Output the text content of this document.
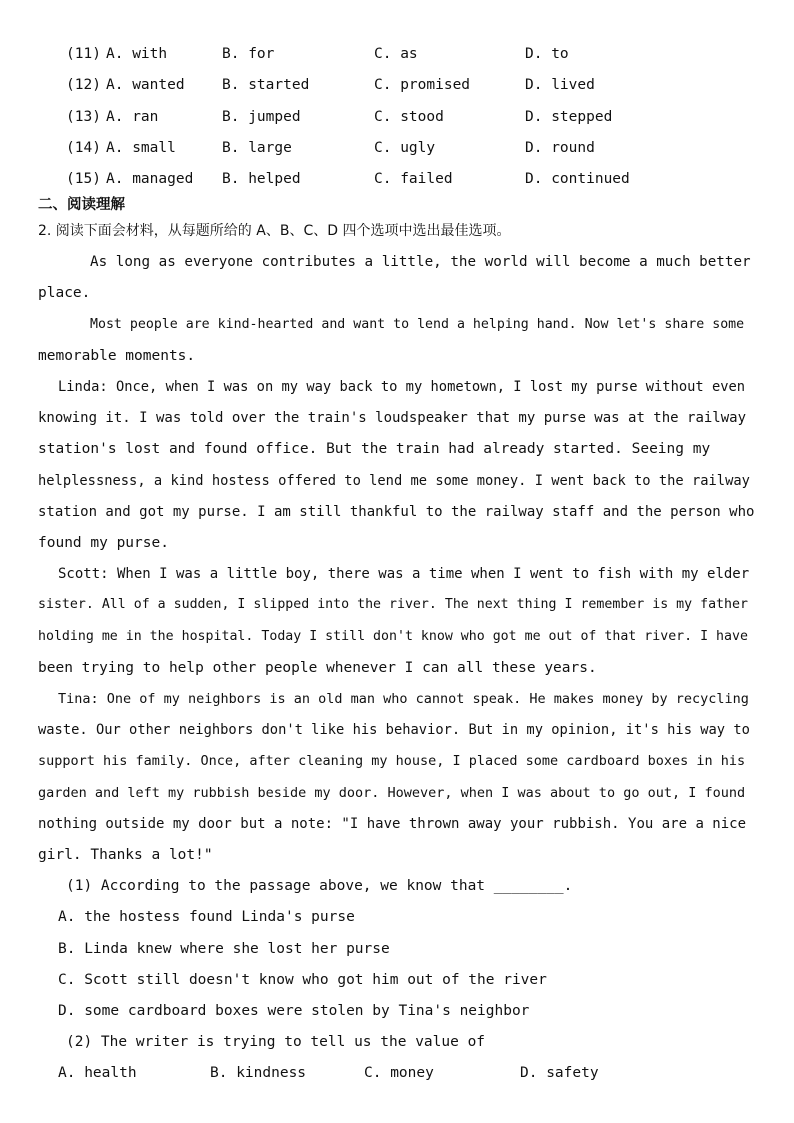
(11) A. with	B. for	C. as	D. to
(12) A. wanted	B. started	C. promised	D. lived
(13) A. ran	B. jumped	C. stood	D. stepped
(14) A. small	B. large	C. ugly	D. round
(15) A. managed B. helped	C. failed	D. continued
二、阅读理解
2. 阅读下面会材料，从每题所给的 A、B、C、D 四个选项中选出最佳选项。
As long as everyone contributes a little, the world will become a much better
place.
Most people are kind-hearted and want to lend a helping hand. Now let's share some
memorable moments.
Linda: Once, when I was on my way back to my hometown, I lost my purse without even
knowing it. I was told over the train's loudspeaker that my purse was at the railway
station's lost and found office. But the train had already started. Seeing my
helplessness, a kind hostess offered to lend me some money. I went back to the railway
station and got my purse. I am still thankful to the railway staff and the person who
found my purse.
Scott: When I was a little boy, there was a time when I went to fish with my elder
sister. All of a sudden, I slipped into the river. The next thing I remember is my father
holding me in the hospital. Today I still don't know who got me out of that river. I have
been trying to help other people whenever I can all these years.
Tina: One of my neighbors is an old man who cannot speak. He makes money by recycling
waste. Our other neighbors don't like his behavior. But in my opinion, it's his way to
support his family. Once, after cleaning my house, I placed some cardboard boxes in his
garden and left my rubbish beside my door. However, when I was about to go out, I found
nothing outside my door but a note: "I have thrown away your rubbish. You are a nice
girl. Thanks a lot!"
(1) According to the passage above, we know that ________.
A. the hostess found Linda's purse
B. Linda knew where she lost her purse
C. Scott still doesn't know who got him out of the river
D. some cardboard boxes were stolen by Tina's neighbor
(2) The writer is trying to tell us the value of
A. health	B. kindness	C. money	D. safety
